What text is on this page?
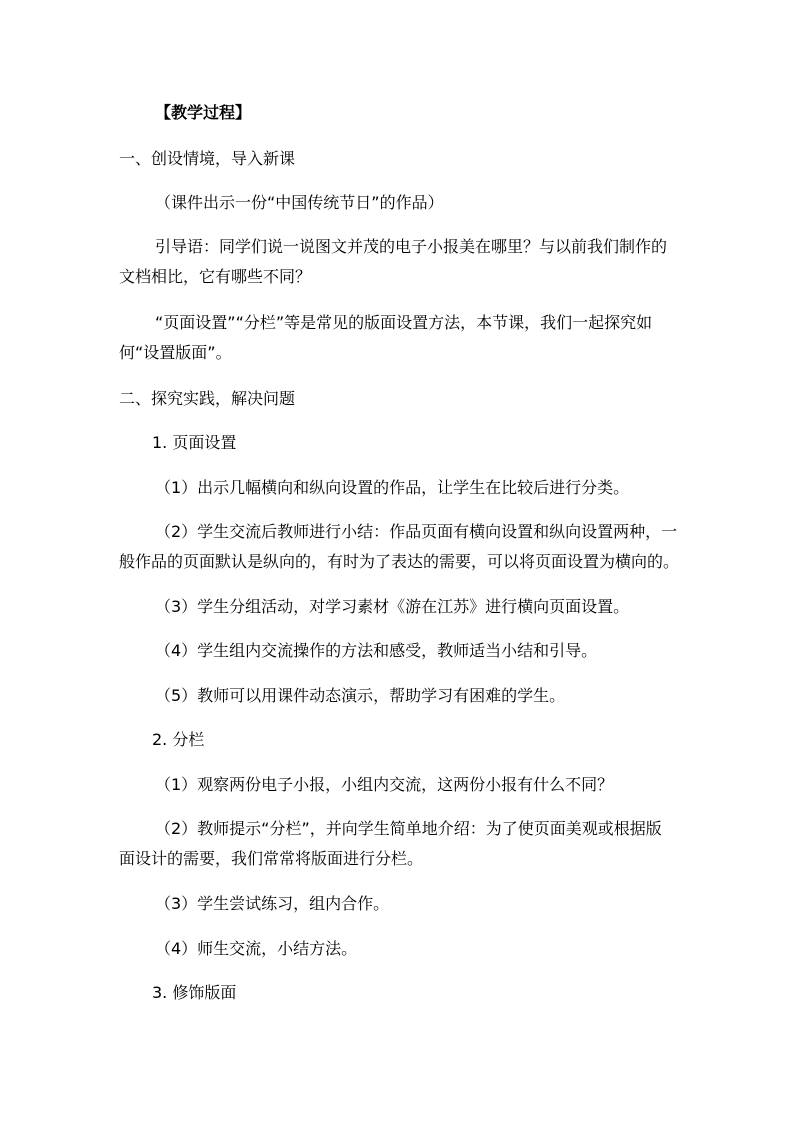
【教学过程】
一、创设情境，导入新课
（课件出示一份“中国传统节日”的作品）
引导语：同学们说一说图文并茂的电子小报美在哪里？与以前我们制作的
文档相比，它有哪些不同？
“页面设置”“分栏”等是常见的版面设置方法，本节课，我们一起探究如
何“设置版面”。
二、探究实践，解决问题
1. 页面设置
（1）出示几幅横向和纵向设置的作品，让学生在比较后进行分类。
（2）学生交流后教师进行小结：作品页面有横向设置和纵向设置两种，一
般作品的页面默认是纵向的，有时为了表达的需要，可以将页面设置为横向的。
（3）学生分组活动，对学习素材《游在江苏》进行横向页面设置。
（4）学生组内交流操作的方法和感受，教师适当小结和引导。
（5）教师可以用课件动态演示，帮助学习有困难的学生。
2. 分栏
（1）观察两份电子小报，小组内交流，这两份小报有什么不同？
（2）教师提示“分栏”，并向学生简单地介绍：为了使页面美观或根据版
面设计的需要，我们常常将版面进行分栏。
（3）学生尝试练习，组内合作。
（4）师生交流，小结方法。
3. 修饰版面
